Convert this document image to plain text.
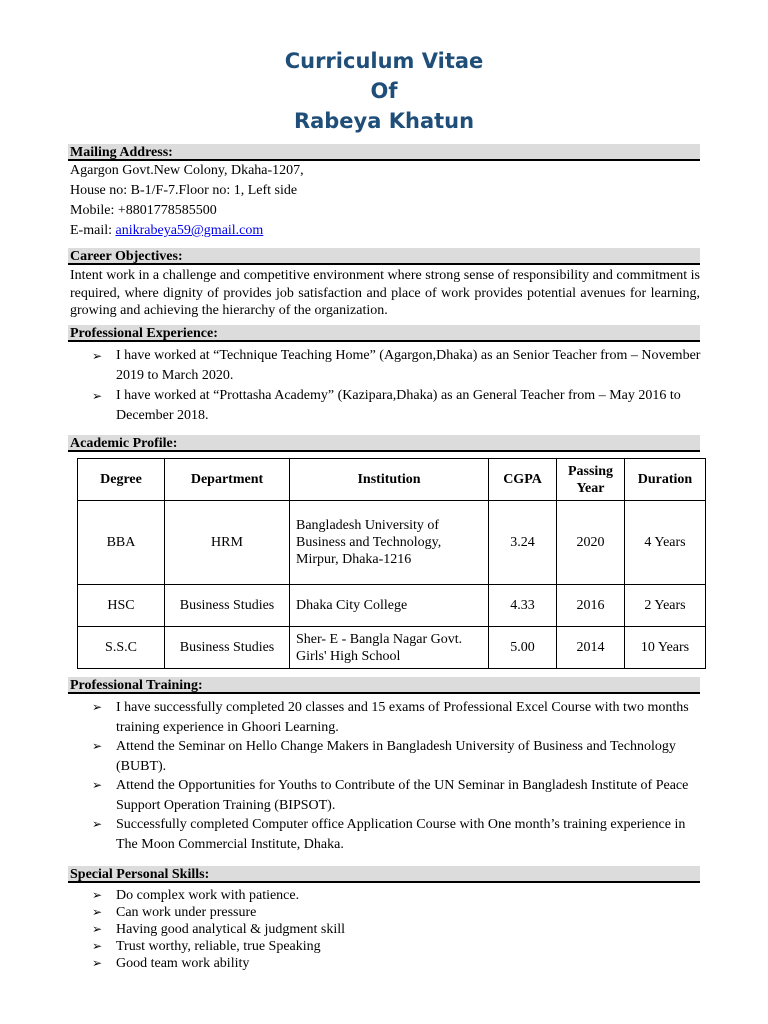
Curriculum Vitae
Of
Rabeya Khatun
Mailing Address:
Agargon Govt.New Colony, Dkaha-1207,
House no: B-1/F-7.Floor no: 1, Left side
Mobile: +8801778585500
E-mail: anikrabeya59@gmail.com
Career Objectives:
Intent work in a challenge and competitive environment where strong sense of responsibility and commitment is required, where dignity of provides job satisfaction and place of work provides potential avenues for learning, growing and achieving the hierarchy of the organization.
Professional Experience:
➢ I have worked at “Technique Teaching Home” (Agargon,Dhaka) as an Senior Teacher from – November 2019 to March 2020.
➢ I have worked at “Prottasha Academy” (Kazipara,Dhaka) as an General Teacher from – May 2016 to December 2018.
Academic Profile:
Degree	Department	Institution	CGPA	Passing Year	Duration
BBA	HRM	Bangladesh University of Business and Technology, Mirpur, Dhaka-1216	3.24	2020	4 Years
HSC	Business Studies	Dhaka City College	4.33	2016	2 Years
S.S.C	Business Studies	Sher- E - Bangla Nagar Govt. Girls' High School	5.00	2014	10 Years
Professional Training:
➢ I have successfully completed 20 classes and 15 exams of Professional Excel Course with two months training experience in Ghoori Learning.
➢ Attend the Seminar on Hello Change Makers in Bangladesh University of Business and Technology (BUBT).
➢ Attend the Opportunities for Youths to Contribute of the UN Seminar in Bangladesh Institute of Peace Support Operation Training (BIPSOT).
➢ Successfully completed Computer office Application Course with One month’s training experience in The Moon Commercial Institute, Dhaka.
Special Personal Skills:
➢ Do complex work with patience.
➢ Can work under pressure
➢ Having good analytical & judgment skill
➢ Trust worthy, reliable, true Speaking
➢ Good team work ability
